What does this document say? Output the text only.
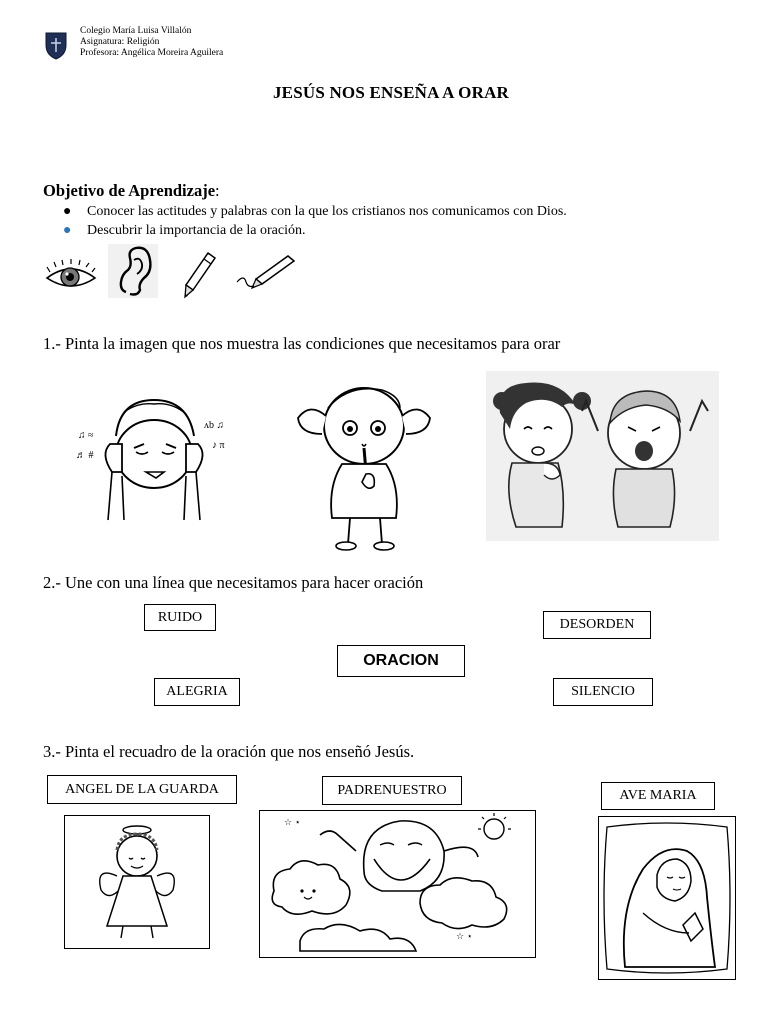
Colegio María Luisa Villalón
Asignatura: Religión
Profesora: Angélica Moreira Aguilera
JESÚS NOS ENSEÑA A ORAR
Objetivo de Aprendizaje:
● Conocer las actitudes y palabras con la que los cristianos nos comunicamos con Dios.
● Descubrir la importancia de la oración.
1.- Pinta la imagen que nos muestra las condiciones que necesitamos para orar
♫ ≈
♬ #
ʌb ♫
♪ π
2.- Une con una línea que necesitamos para hacer oración
RUIDO	DESORDEN
ORACION
ALEGRIA	SILENCIO
3.- Pinta el recuadro de la oración que nos enseñó Jesús.
ANGEL DE LA GUARDA	PADRENUESTRO	AVE MARIA
☆ ⋆
☆ ⋆
